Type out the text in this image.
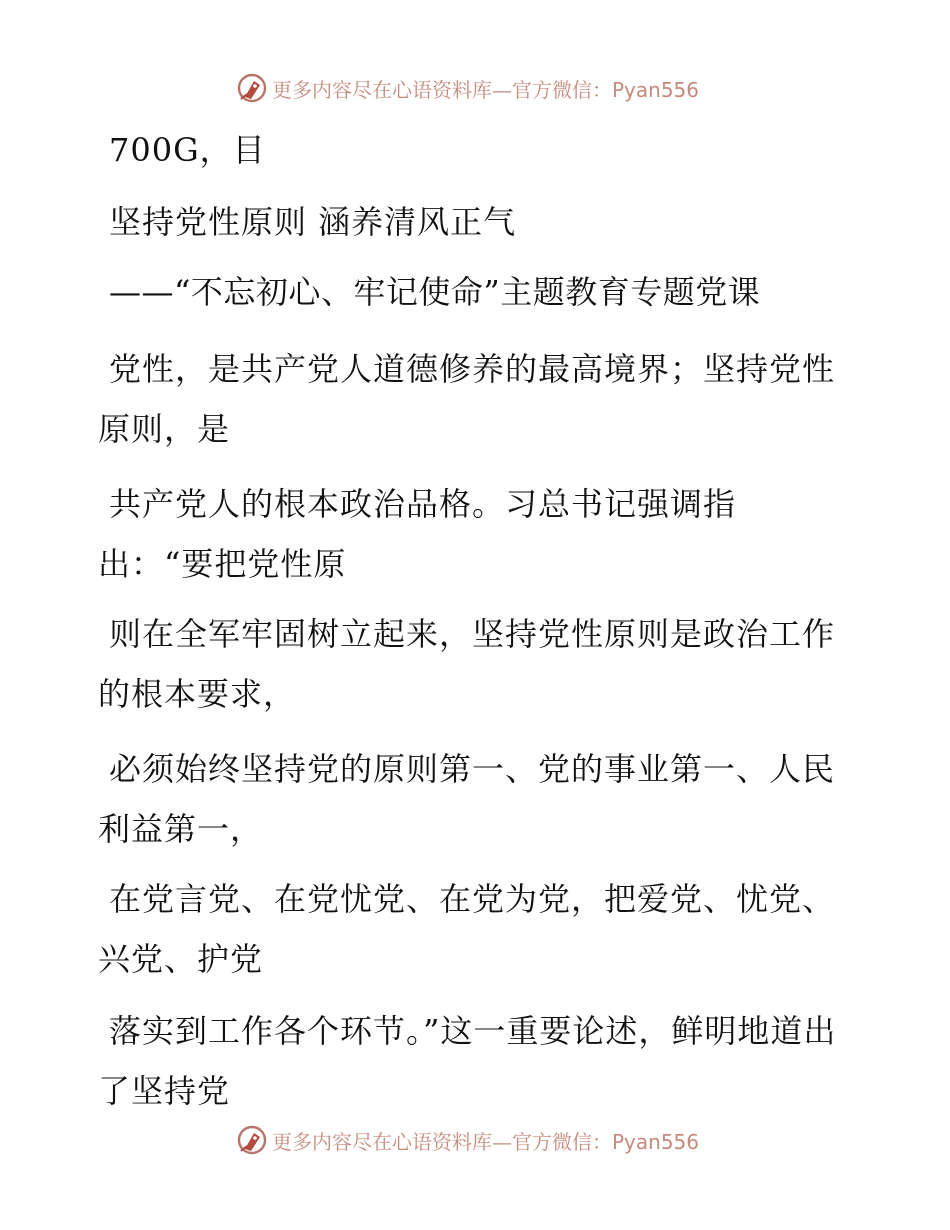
更多内容尽在心语资料库—官方微信：Pyan556
700G，目
坚持党性原则 涵养清风正气
——“不忘初心、牢记使命”主题教育专题党课
党性，是共产党人道德修养的最高境界；坚持党性原则，是
共产党人的根本政治品格。习总书记强调指出：“要把党性原
则在全军牢固树立起来，坚持党性原则是政治工作的根本要求，
必须始终坚持党的原则第一、党的事业第一、人民利益第一，
在党言党、在党忧党、在党为党，把爱党、忧党、 兴党、护党
落实到工作各个环节。”这一重要论述，鲜明地道出了坚持党
更多内容尽在心语资料库—官方微信：Pyan556
